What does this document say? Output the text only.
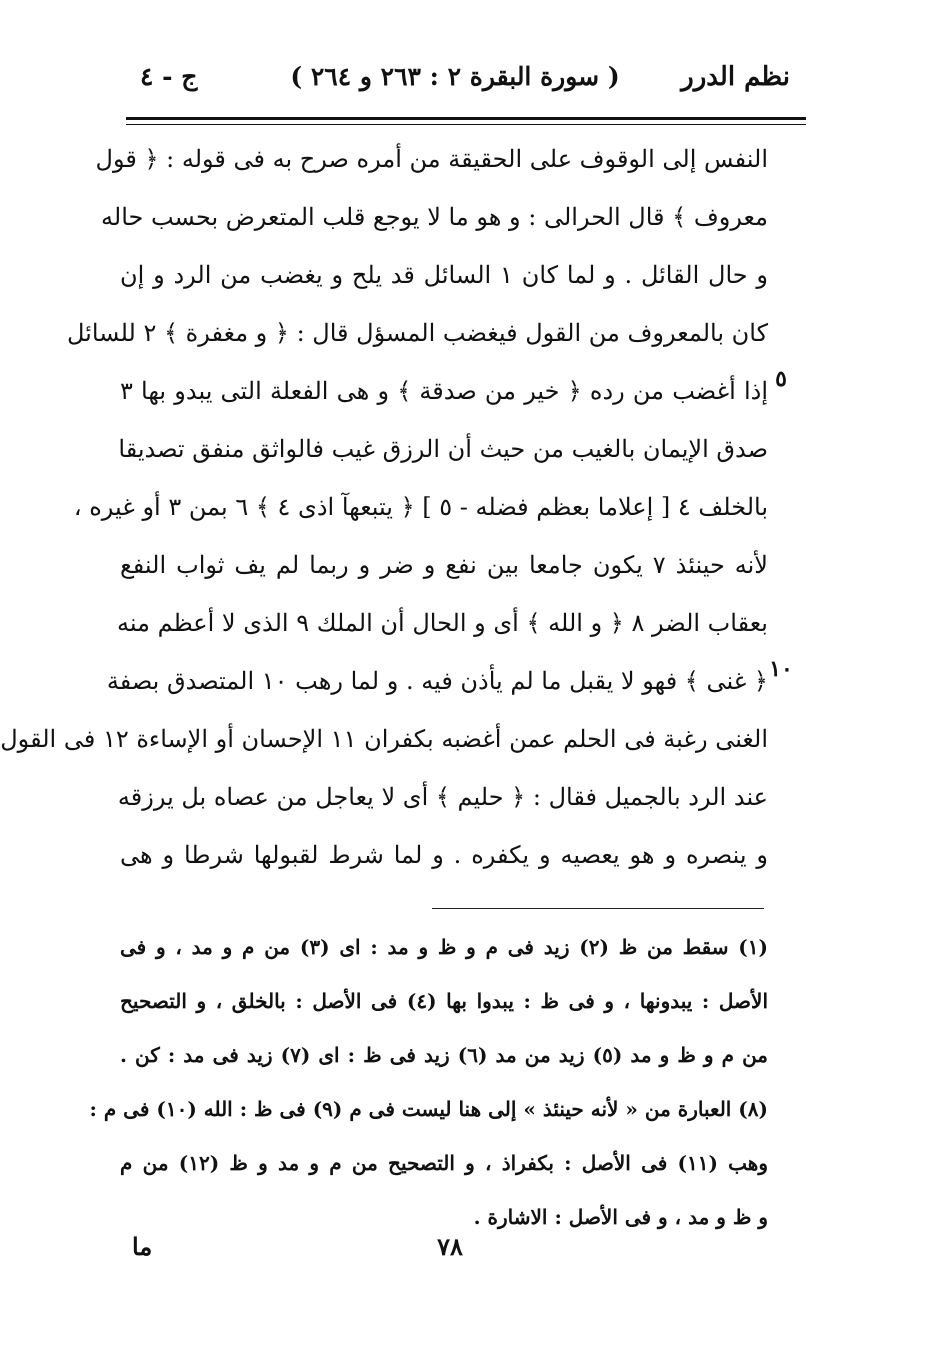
نظم الدرر
( سورة البقرة ٢ : ٢٦٣ و ٢٦٤ )
ج - ٤
٥
١٠
النفس إلى الوقوف على الحقيقة من أمره صرح به فى قوله : ﴿ قول
معروف ﴾ قال الحرالى : و هو ما لا يوجع قلب المتعرض بحسب حاله
و حال القائل . و لما كان ١ السائل قد يلح و يغضب من الرد و إن
كان بالمعروف من القول فيغضب المسؤل قال : ﴿ و مغفرة ﴾ ٢ للسائل
إذا أغضب من رده ﴿ خير من صدقة ﴾ و هى الفعلة التى يبدو بها ٣
صدق الإيمان بالغيب من حيث أن الرزق غيب فالواثق منفق تصديقا
بالخلف ٤ [ إعلاما بعظم فضله - ٥ ] ﴿ يتبعهآ اذى ٤ ﴾ ٦ بمن ٣ أو غيره ،
لأنه حينئذ ٧ يكون جامعا بين نفع و ضر و ربما لم يف ثواب النفع
بعقاب الضر ٨ ﴿ و الله ﴾ أى و الحال أن الملك ٩ الذى لا أعظم منه
﴿ غنى ﴾ فهو لا يقبل ما لم يأذن فيه . و لما رهب ١٠ المتصدق بصفة
الغنى رغبة فى الحلم عمن أغضبه بكفران ١١ الإحسان أو الإساءة ١٢ فى القول
عند الرد بالجميل فقال : ﴿ حليم ﴾ أى لا يعاجل من عصاه بل يرزقه
و ينصره و هو يعصيه و يكفره . و لما شرط لقبولها شرطا و هى
(١) سقط من ظ (٢) زيد فى م و ظ و مد : اى (٣) من م و مد ، و فى
الأصل : يبدونها ، و فى ظ : يبدوا بها (٤) فى الأصل : بالخلق ، و التصحيح
من م و ظ و مد (٥) زيد من مد (٦) زيد فى ظ : اى (٧) زيد فى مد : كن .
(٨) العبارة من « لأنه حينئذ » إلى هنا ليست فى م (٩) فى ظ : الله (١٠) فى م :
وهب (١١) فى الأصل : بكفراذ ، و التصحيح من م و مد و ظ (١٢) من م
و ظ و مد ، و فى الأصل : الاشارة .
٧٨
ما
